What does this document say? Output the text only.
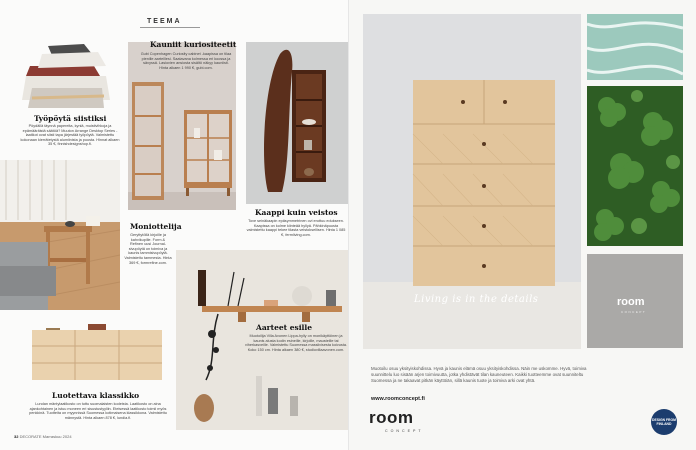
TEEMA
Työpöytä siistiksi
Pöydällä täynnä papereita, kyniä, muistivihkoja ja epämääräistä säätöä? Muuton Arrange Desktop Series -laatikot ovat siisti tapa järjestää työpöytä. Valmistettu kokonaan kierrätetystä alumiinista ja puusta. Hinnat alkaen 35 €, finnishdesignshop.fi.
Kauniit kuriositeetit
Gubi Copenhagen Curiosity cabinet -kaapissa on tilaa pienille aarteillesi. Saatavana kolmessa eri koossa ja sävyssä. Lasiovien ansiosta sisältö näkyy kauniisti. Hinta alkaen 1 990 €, gubi.com.
Kaappi kuin veistos
Tove seinäkaapin epäsymmetrinen ovi erottuu edukseen. Kaapissa on kolme kiinteää hyllyä. Pähkinäpuusta valmistettu kaappi tekee tilasta veistoksellisen. Hinta 1 085 €, fermliving.com.
Moniottelija
Geryttytöllä kirjoille ja kahvikupille. Form & Refinen uusi Journal-sivupöytä on toimiva ja kaunis tammisivupöytä. Valmistettu tammesta. Hinta 369 €, formrefine.com.
Luotettava klassikko
Lundan mäntylaatikosto on tuttu suomalaisten kodeista. Laatikosto on aina ajankohtainen ja istuu moneen eri sisustustyyliin. Eteisessä laatikosto toimii myös penkkinä. Tuotteita on myynnissä Suomessa kotimaisena klassikkona. Valmistettu männystä. Hinta alkaen 878 €, lundia.fi.
Aarteet esille
Muotoilija Villa Avonen Lippa-hylly on monikäyttöinen ja kaunis alusta kodin esineille, kirjoille, mausteille tai viherkasveille. Valmistettu Suomessa massiivisesta koivusta. Koko 150 cm. Hinta alkaen 380 €, studiovillaavonen.com.
32 DECORATE Marraskuu 2024
Living is in the details	room
CONCEPT
Muotoilu osuu yksityiskohdissa. Hyvä ja kaunis elämä osuu yksityiskohdissa. Näin me uskomme. Hyvä, toimiva suunnittelu luo sisään arjen toimivuutta, jotka yhdistävät tilan kauneuteen. Kaikki tuotteemme ovat suunniteltu Suomessa ja ne takaavat pitkän käyttöiän, sillä kaunis tuote ja toimiva arki ovat yhtä.
www.roomconcept.fi
room
CONCEPT
DESIGN FROM FINLAND
